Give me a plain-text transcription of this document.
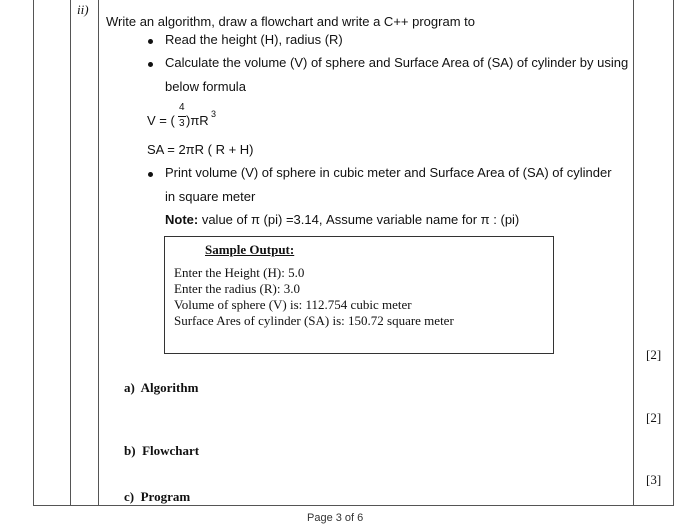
ii)
Write an algorithm, draw a flowchart and write a C++ program to
Read the height (H), radius (R)
Calculate the volume (V) of sphere and Surface Area of (SA) of cylinder by using
below formula
V = (
4
3 )πR 3
SA = 2πR ( R + H)
Print volume (V) of sphere in cubic meter and Surface Area of (SA) of cylinder
in square meter
Note: value of π (pi) =3.14, Assume variable name for π : (pi)
Sample Output:
Enter the Height (H): 5.0
Enter the radius (R): 3.0
Volume of sphere (V) is: 112.754 cubic meter
Surface Ares of cylinder (SA) is: 150.72 square meter
[2]
[2]
[3]
a) Algorithm
b) Flowchart
c) Program
Page 3 of 6
